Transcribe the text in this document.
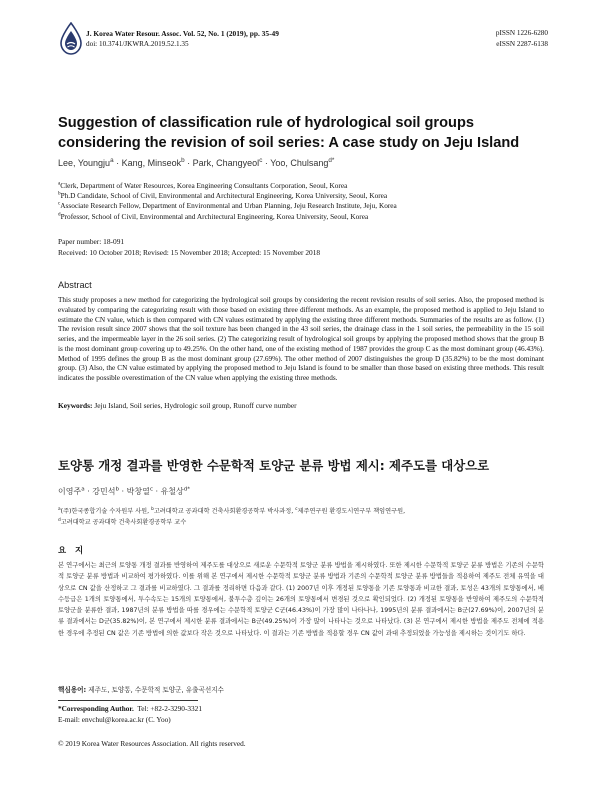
J. Korea Water Resour. Assoc. Vol. 52, No. 1 (2019), pp. 35-49
doi: 10.3741/JKWRA.2019.52.1.35
pISSN 1226-6280
eISSN 2287-6138
Suggestion of classification rule of hydrological soil groups considering the revision of soil series: A case study on Jeju Island
Lee, Youngju$^a$ · Kang, Minseok$^b$ · Park, Changyeol$^c$ · Yoo, Chulsang$^{d*}$
$^a$Clerk, Department of Water Resources, Korea Engineering Consultants Corporation, Seoul, Korea
$^b$Ph.D Candidate, School of Civil, Environmental and Architectural Engineering, Korea University, Seoul, Korea
$^c$Associate Research Fellow, Department of Environmental and Urban Planning, Jeju Research Institute, Jeju, Korea
$^d$Professor, School of Civil, Environmental and Architectural Engineering, Korea University, Seoul, Korea
Paper number: 18-091
Received: 10 October 2018; Revised: 15 November 2018; Accepted: 15 November 2018
Abstract
This study proposes a new method for categorizing the hydrological soil groups by considering the recent revision results of soil series. Also, the proposed method is evaluated by comparing the categorizing result with those based on existing three different methods. As an example, the proposed method is applied to Jeju Island to estimate the CN value, which is then compared with CN values estimated by applying the existing three different methods. Summaries of the results are as follow. (1) The revision result since 2007 shows that the soil texture has been changed in the 43 soil series, the drainage class in the 1 soil series, the permeability in the 15 soil series, and the impermeable layer in the 26 soil series. (2) The categorizing result of hydrological soil groups by applying the proposed method shows that the group B is the most dominant group covering up to 49.25%. On the other hand, one of the existing method of 1987 provides the group C as the most dominant group (46.43%). Method of 1995 defines the group B as the most dominant group (27.69%). The other method of 2007 distinguishes the group D (35.82%) to be the most dominant group. (3) Also, the CN value estimated by applying the proposed method to Jeju Island is found to be smaller than those based on existing three methods. This result indicates the possible overestimation of the CN value when applying the existing three methods.
Keywords: Jeju Island, Soil series, Hydrologic soil group, Runoff curve number
토양통 개정 결과를 반영한 수문학적 토양군 분류 방법 제시: 제주도를 대상으로
이영주$^a$ · 강민석$^b$ · 박창열$^c$ · 유철상$^{d*}$
$^a$(주)한국종합기술 수자원부 사원, $^b$고려대학교 공과대학 건축사회환경공학부 박사과정, $^c$제주연구원 환경도시연구부 책임연구원,
$^d$고려대학교 공과대학 건축사회환경공학부 교수
요 지
본 연구에서는 최근의 토양통 개정 결과를 반영하여 제주도를 대상으로 새로운 수문학적 토양군 분류 방법을 제시하였다. 또한 제시한 수문학적 토양군 분류 방법은 기존의 수문학적 토양군 분류 방법과 비교하여 평가하였다. 이를 위해 본 연구에서 제시한 수문학적 토양군 분류 방법과 기존의 수문학적 토양군 분류 방법들을 적용하여 제주도 전체 유역을 대상으로 CN 값을 산정하고 그 결과를 비교하였다. 그 결과를 정리하면 다음과 같다. (1) 2007년 이후 개정된 토양통을 기존 토양통과 비교한 결과, 토성은 43개의 토양통에서, 배수등급은 1개의 토양통에서, 투수속도는 15개의 토양통에서, 불투수층 깊이는 26개의 토양통에서 변경된 것으로 확인되었다. (2) 개정된 토양통을 반영하여 제주도의 수문학적 토양군을 분류한 결과, 1987년의 분류 방법을 따를 경우에는 수문학적 토양군 C군(46.43%)이 가장 많이 나타나나, 1995년의 분류 결과에서는 B군(27.69%)이, 2007년의 분류 결과에서는 D군(35.82%)이, 본 연구에서 제시한 분류 결과에서는 B군(49.25%)이 가장 많이 나타나는 것으로 나타났다. (3) 본 연구에서 제시한 방법을 제주도 전체에 적용한 경우에 추정된 CN 값은 기존 방법에 의한 값보다 작은 것으로 나타났다. 이 결과는 기존 방법을 적용할 경우 CN 값이 과대 추정되었을 가능성을 제시하는 것이기도 하다.
핵심용어: 제주도, 토양통, 수문학적 토양군, 유출곡선지수
*Corresponding Author. Tel: +82-2-3290-3321
E-mail: envchul@korea.ac.kr (C. Yoo)
© 2019 Korea Water Resources Association. All rights reserved.
